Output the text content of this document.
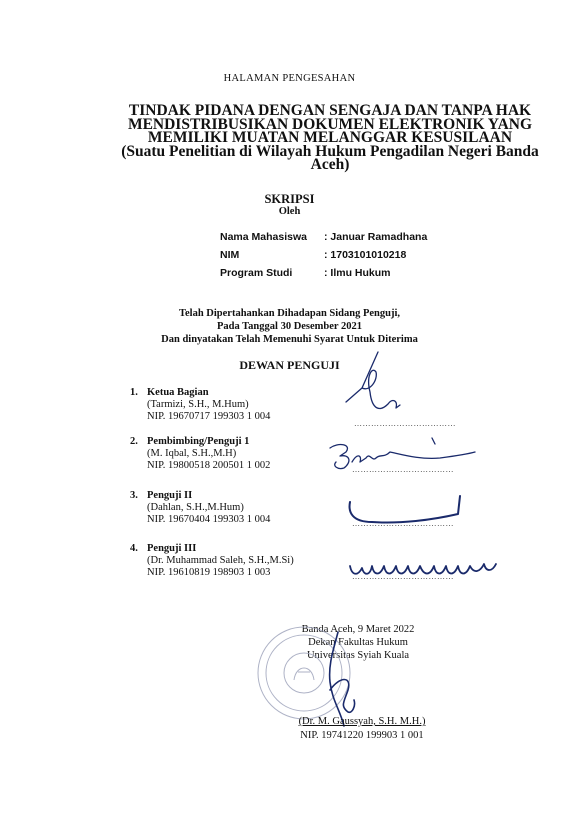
HALAMAN PENGESAHAN
TINDAK PIDANA DENGAN SENGAJA DAN TANPA HAK
MENDISTRIBUSIKAN DOKUMEN ELEKTRONIK YANG
MEMILIKI MUATAN MELANGGAR KESUSILAAN
(Suatu Penelitian di Wilayah Hukum Pengadilan Negeri Banda
Aceh)
SKRIPSI
Oleh
Nama Mahasiswa : Januar Ramadhana
NIM	: 1703101010218
Program Studi	: Ilmu Hukum
Telah Dipertahankan Dihadapan Sidang Penguji,
Pada Tanggal 30 Desember 2021
Dan dinyatakan Telah Memenuhi Syarat Untuk Diterima
DEWAN PENGUJI
1. Ketua Bagian
(Tarmizi, S.H., M.Hum)
NIP. 19670717 199303 1 004
………………………………
2. Pembimbing/Penguji 1
(M. Iqbal, S.H.,M.H)
NIP. 19800518 200501 1 002	………………………………
3. Penguji II
(Dahlan, S.H.,M.Hum)
NIP. 19670404 199303 1 004	………………………………
4. Penguji III
(Dr. Muhammad Saleh, S.H.,M.Si)
NIP. 19610819 198903 1 003	………………………………
Banda Aceh, 9 Maret 2022
Dekan Fakultas Hukum
Universitas Syiah Kuala
(Dr. M. Gaussyah, S.H. M.H.)
NIP. 19741220 199903 1 001
